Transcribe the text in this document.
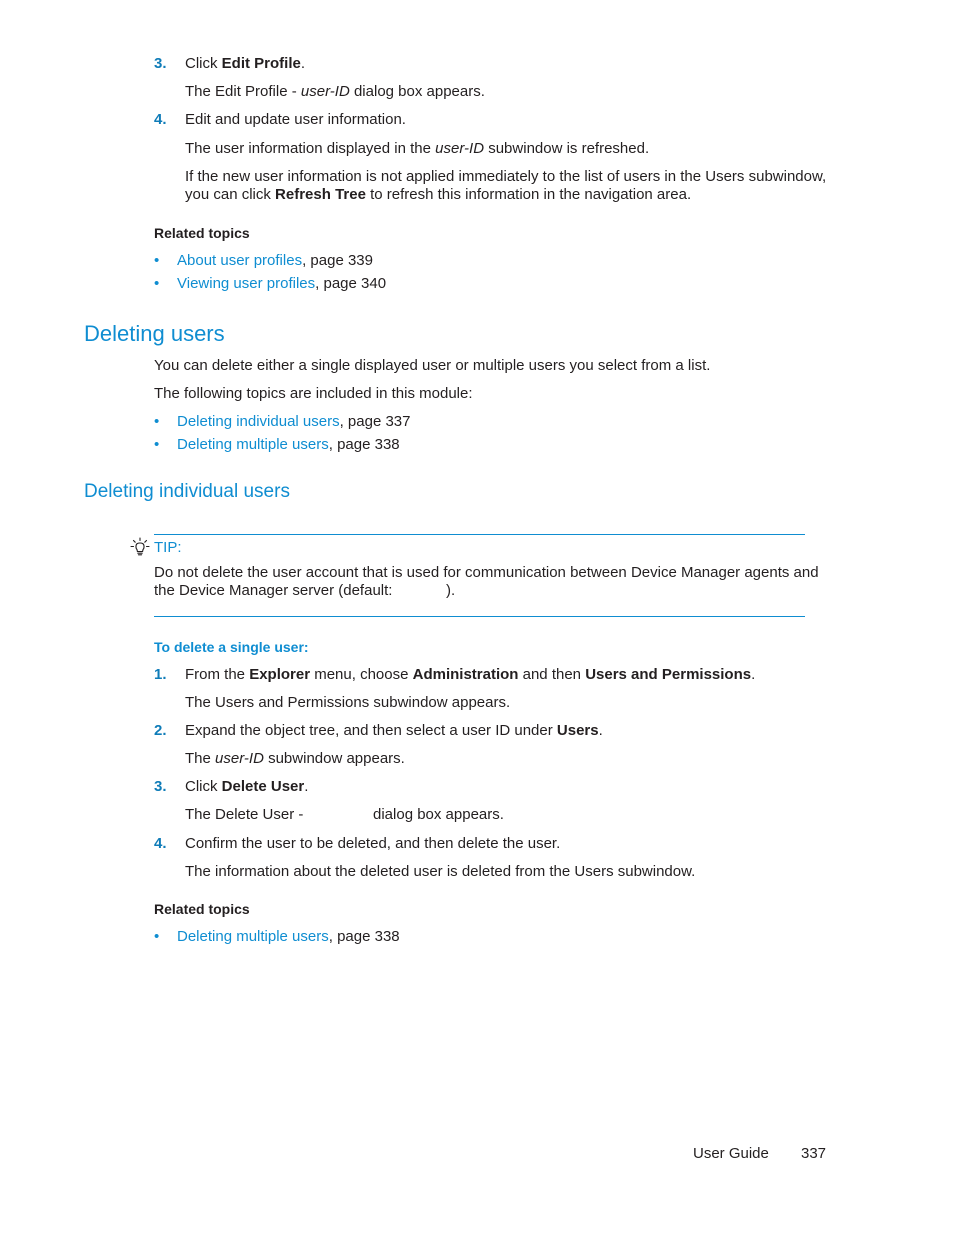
3. Click Edit Profile.
The Edit Profile - user-ID dialog box appears.
4. Edit and update user information.
The user information displayed in the user-ID subwindow is refreshed.
If the new user information is not applied immediately to the list of users in the Users subwindow,
you can click Refresh Tree to refresh this information in the navigation area.
Related topics
• About user profiles, page 339
• Viewing user profiles, page 340
Deleting users
You can delete either a single displayed user or multiple users you select from a list.
The following topics are included in this module:
• Deleting individual users, page 337
• Deleting multiple users, page 338
Deleting individual users
TIP:
Do not delete the user account that is used for communication between Device Manager agents and
the Device Manager server (default:	).
To delete a single user:
1. From the Explorer menu, choose Administration and then Users and Permissions.
The Users and Permissions subwindow appears.
2. Expand the object tree, and then select a user ID under Users.
The user-ID subwindow appears.
3. Click Delete User.
The Delete User -	dialog box appears.
4. Confirm the user to be deleted, and then delete the user.
The information about the deleted user is deleted from the Users subwindow.
Related topics
• Deleting multiple users, page 338
User Guide 337
